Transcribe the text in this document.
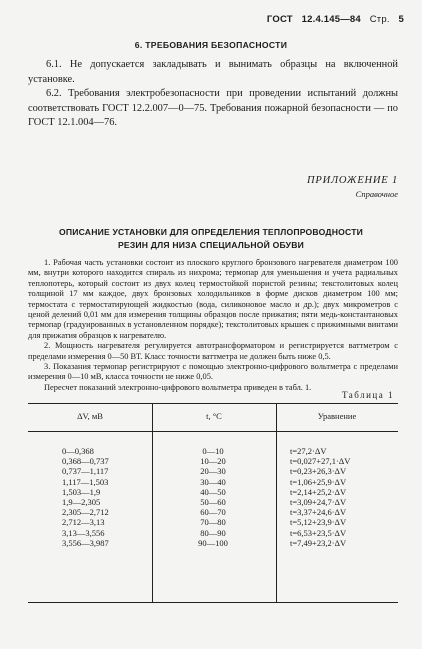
ГОСТ 12.4.145—84 Стр. 5
6. ТРЕБОВАНИЯ БЕЗОПАСНОСТИ
6.1. Не допускается закладывать и вынимать образцы на включенной установке.
6.2. Требования электробезопасности при проведении испытаний должны соответствовать ГОСТ 12.2.007—0—75. Требования пожарной безопасности — по ГОСТ 12.1.004—76.
ПРИЛОЖЕНИЕ 1
Справочное
ОПИСАНИЕ УСТАНОВКИ ДЛЯ ОПРЕДЕЛЕНИЯ ТЕПЛОПРОВОДНОСТИ
РЕЗИН ДЛЯ НИЗА СПЕЦИАЛЬНОЙ ОБУВИ

1. Рабочая часть установки состоит из плоского круглого бронзового нагревателя диаметром 100 мм, внутри которого находится спираль из нихрома; термопар для уменьшения и учета радиальных теплопотерь, который состоит из двух колец термостойкой пористой резины; текстолитовых колец толщиной 17 мм каждое, двух бронзовых холодильников в форме дисков диаметром 100 мм; термостата с термостатирующей жидкостью (вода, силиконовое масло и др.); двух микрометров с ценой делений 0,01 мм для измерения толщины образцов после прижатия; пяти медь-константановых термопар (градуированных в установленном порядке); текстолитовых крышек с прижимными винтами для прижатия образцов к нагревателю.

2. Мощность нагревателя регулируется автотрансформатором и регистрируется ваттметром с пределами измерения 0—50 ВТ. Класс точности ваттметра не должен быть ниже 0,5.

3. Показания термопар регистрируют с помощью электронно-цифрового вольтметра с пределами измерения 0—10 мВ, класса точности не ниже 0,05.

Пересчет показаний электронно-цифрового вольтметра приведен в табл. 1.

Таблица 1
ΔV, мВ	t, °C	Уравнение
0—0,368
0,368—0,737
0,737—1,117
1,117—1,503
1,503—1,9
1,9—2,305
2,305—2,712
2,712—3,13
3,13—3,556
3,556—3,987
0—10
10—20
20—30
30—40
40—50
50—60
60—70
70—80
80—90
90—100
t=27,2·ΔV
t=0,027+27,1·ΔV
t=0,23+26,3·ΔV
t=1,06+25,9·ΔV
t=2,14+25,2·ΔV
t=3,09+24,7·ΔV
t=3,37+24,6·ΔV
t=5,12+23,9·ΔV
t=6,53+23,5·ΔV
t=7,49+23,2·ΔV
